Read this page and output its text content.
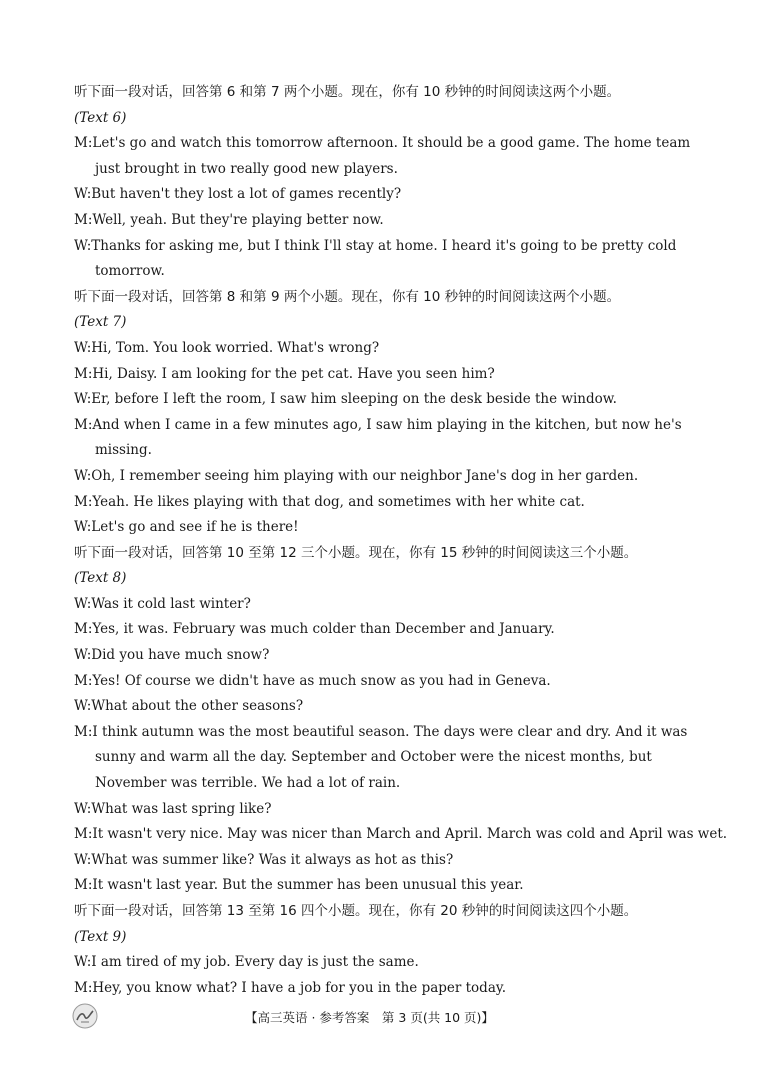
听下面一段对话，回答第 6 和第 7 两个小题。现在，你有 10 秒钟的时间阅读这两个小题。
(Text 6)
M:Let's go and watch this tomorrow afternoon. It should be a good game. The home team
just brought in two really good new players.
W:But haven't they lost a lot of games recently?
M:Well, yeah. But they're playing better now.
W:Thanks for asking me, but I think I'll stay at home. I heard it's going to be pretty cold
tomorrow.
听下面一段对话，回答第 8 和第 9 两个小题。现在，你有 10 秒钟的时间阅读这两个小题。
(Text 7)
W:Hi, Tom. You look worried. What's wrong?
M:Hi, Daisy. I am looking for the pet cat. Have you seen him?
W:Er, before I left the room, I saw him sleeping on the desk beside the window.
M:And when I came in a few minutes ago, I saw him playing in the kitchen, but now he's
missing.
W:Oh, I remember seeing him playing with our neighbor Jane's dog in her garden.
M:Yeah. He likes playing with that dog, and sometimes with her white cat.
W:Let's go and see if he is there!
听下面一段对话，回答第 10 至第 12 三个小题。现在，你有 15 秒钟的时间阅读这三个小题。
(Text 8)
W:Was it cold last winter?
M:Yes, it was. February was much colder than December and January.
W:Did you have much snow?
M:Yes! Of course we didn't have as much snow as you had in Geneva.
W:What about the other seasons?
M:I think autumn was the most beautiful season. The days were clear and dry. And it was
sunny and warm all the day. September and October were the nicest months, but
November was terrible. We had a lot of rain.
W:What was last spring like?
M:It wasn't very nice. May was nicer than March and April. March was cold and April was wet.
W:What was summer like? Was it always as hot as this?
M:It wasn't last year. But the summer has been unusual this year.
听下面一段对话，回答第 13 至第 16 四个小题。现在，你有 20 秒钟的时间阅读这四个小题。
(Text 9)
W:I am tired of my job. Every day is just the same.
M:Hey, you know what? I have a job for you in the paper today.
【高三英语 · 参考答案　第 3 页(共 10 页)】
